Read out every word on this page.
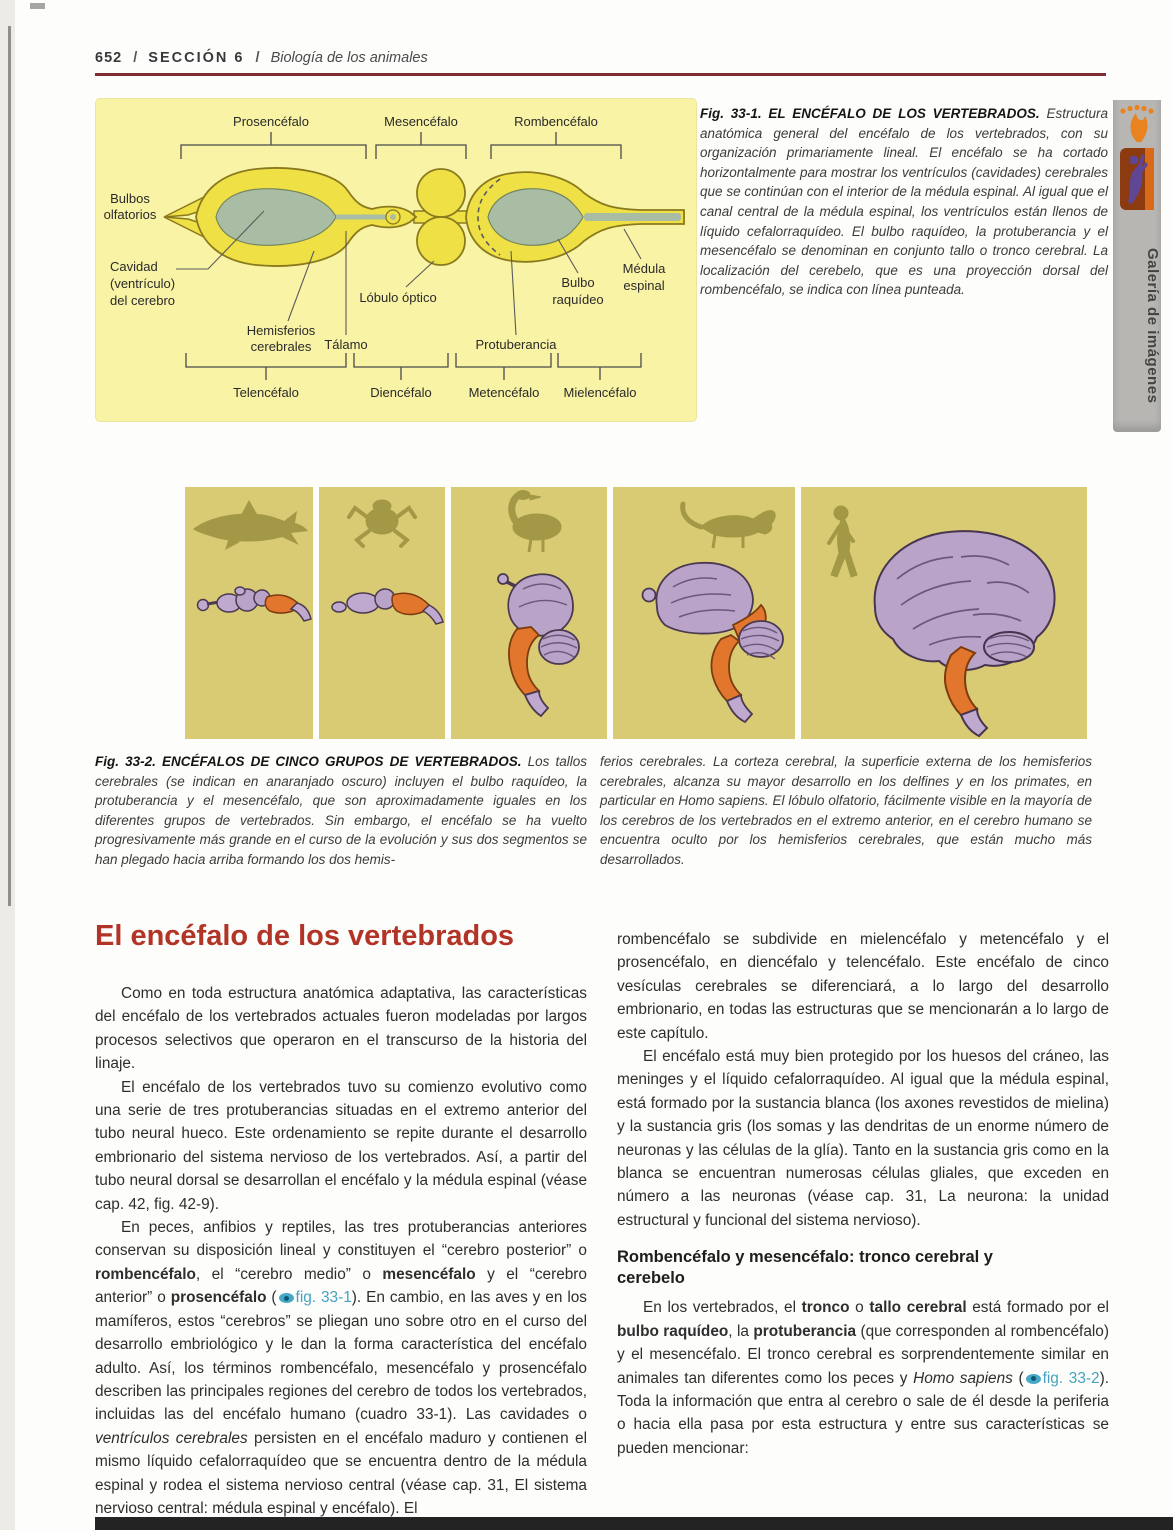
652 / SECCIÓN 6 / Biología de los animales
Prosencéfalo	Mesencéfalo	Rombencéfalo
Bulbos
olfatorios
Cavidad
(ventrículo)
del cerebro
Hemisferios
cerebrales
Lóbulo óptico
Tálamo	Protuberancia
Bulbo
raquídeo
Médula
espinal
Telencéfalo	Diencéfalo	Metencéfalo Mielencéfalo
Fig. 33-1. EL ENCÉFALO DE LOS VERTEBRADOS. Estructura anatómica general del encéfalo de los vertebrados, con su organización primariamente lineal. El encéfalo se ha cortado horizontalmente para mostrar los ventrículos (cavidades) cerebrales que se continúan con el interior de la médula espinal. Al igual que el canal central de la médula espinal, los ventrículos están llenos de líquido cefalorraquídeo. El bulbo raquídeo, la protuberancia y el mesencéfalo se denominan en conjunto tallo o tronco cerebral. La localización del cerebelo, que es una proyección dorsal del rombencéfalo, se indica con línea punteada.	Galería de imágenes
Fig. 33-2. ENCÉFALOS DE CINCO GRUPOS DE VERTEBRADOS. Los tallos cerebrales (se indican en anaranjado oscuro) incluyen el bulbo raquídeo, la protuberancia y el mesencéfalo, que son aproximadamente iguales en los diferentes grupos de vertebrados. Sin embargo, el encéfalo se ha vuelto progresivamente más grande en el curso de la evolución y sus dos segmentos se han plegado hacia arriba formando los dos hemis-
ferios cerebrales. La corteza cerebral, la superficie externa de los hemisferios cerebrales, alcanza su mayor desarrollo en los delfines y en los primates, en particular en Homo sapiens. El lóbulo olfatorio, fácilmente visible en la mayoría de los cerebros de los vertebrados en el extremo anterior, en el cerebro humano se encuentra oculto por los hemisferios cerebrales, que están mucho más desarrollados.
El encéfalo de los vertebrados

Como en toda estructura anatómica adaptativa, las características del encéfalo de los vertebrados actuales fueron modeladas por largos procesos selectivos que operaron en el transcurso de la historia del linaje.

El encéfalo de los vertebrados tuvo su comienzo evolutivo como una serie de tres protuberancias situadas en el extremo anterior del tubo neural hueco. Este ordenamiento se repite durante el desarrollo embrionario del sistema nervioso de los vertebrados. Así, a partir del tubo neural dorsal se desarrollan el encéfalo y la médula espinal (véase cap. 42, fig. 42-9).

En peces, anfibios y reptiles, las tres protuberancias anteriores conservan su disposición lineal y constituyen el “cerebro posterior” o rombencéfalo, el “cerebro medio” o mesencéfalo y el “cerebro anterior” o prosencéfalo ( fig. 33-1). En cambio, en las aves y en los mamíferos, estos “cerebros” se pliegan uno sobre otro en el curso del desarrollo embriológico y le dan la forma característica del encéfalo adulto. Así, los términos rombencéfalo, mesencéfalo y prosencéfalo describen las principales regiones del cerebro de todos los vertebrados, incluidas las del encéfalo humano (cuadro 33-1). Las cavidades o ventrículos cerebrales persisten en el encéfalo maduro y contienen el mismo líquido cefalorraquídeo que se encuentra dentro de la médula espinal y rodea el sistema nervioso central (véase cap. 31, El sistema nervioso central: médula espinal y encéfalo). El

rombencéfalo se subdivide en mielencéfalo y metencéfalo y el prosencéfalo, en diencéfalo y telencéfalo. Este encéfalo de cinco vesículas cerebrales se diferenciará, a lo largo del desarrollo embrionario, en todas las estructuras que se mencionarán a lo largo de este capítulo.

El encéfalo está muy bien protegido por los huesos del cráneo, las meninges y el líquido cefalorraquídeo. Al igual que la médula espinal, está formado por la sustancia blanca (los axones revestidos de mielina) y la sustancia gris (los somas y las dendritas de un enorme número de neuronas y las células de la glía). Tanto en la sustancia gris como en la blanca se encuentran numerosas células gliales, que exceden en número a las neuronas (véase cap. 31, La neurona: la unidad estructural y funcional del sistema nervioso).

Rombencéfalo y mesencéfalo: tronco cerebral y cerebelo

En los vertebrados, el tronco o tallo cerebral está formado por el bulbo raquídeo, la protuberancia (que corresponden al rombencéfalo) y el mesencéfalo. El tronco cerebral es sorprendentemente similar en animales tan diferentes como los peces y Homo sapiens ( fig. 33-2). Toda la información que entra al cerebro o sale de él desde la periferia o hacia ella pasa por esta estructura y entre sus características se pueden mencionar:
